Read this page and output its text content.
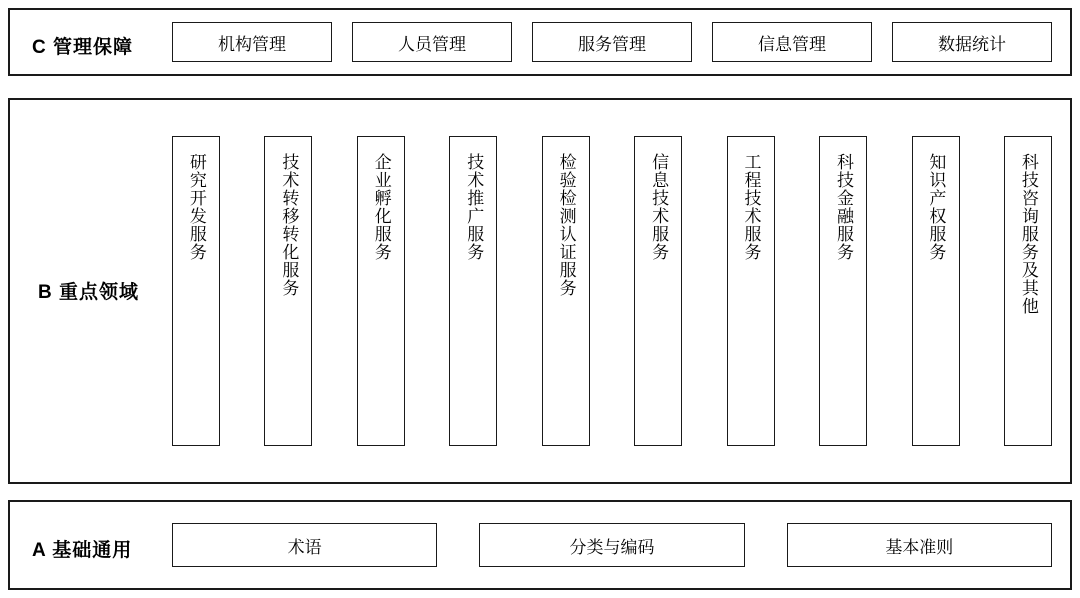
C 管理保障	机构管理	人员管理	服务管理	信息管理	数据统计
B 重点领域
研究开发服务	技术转移转化服务	企业孵化服务	技术推广服务	检验检测认证服务	信息技术服务	工程技术服务	科技金融服务	知识产权服务	科技咨询服务及其他
A 基础通用	术语	分类与编码	基本准则
